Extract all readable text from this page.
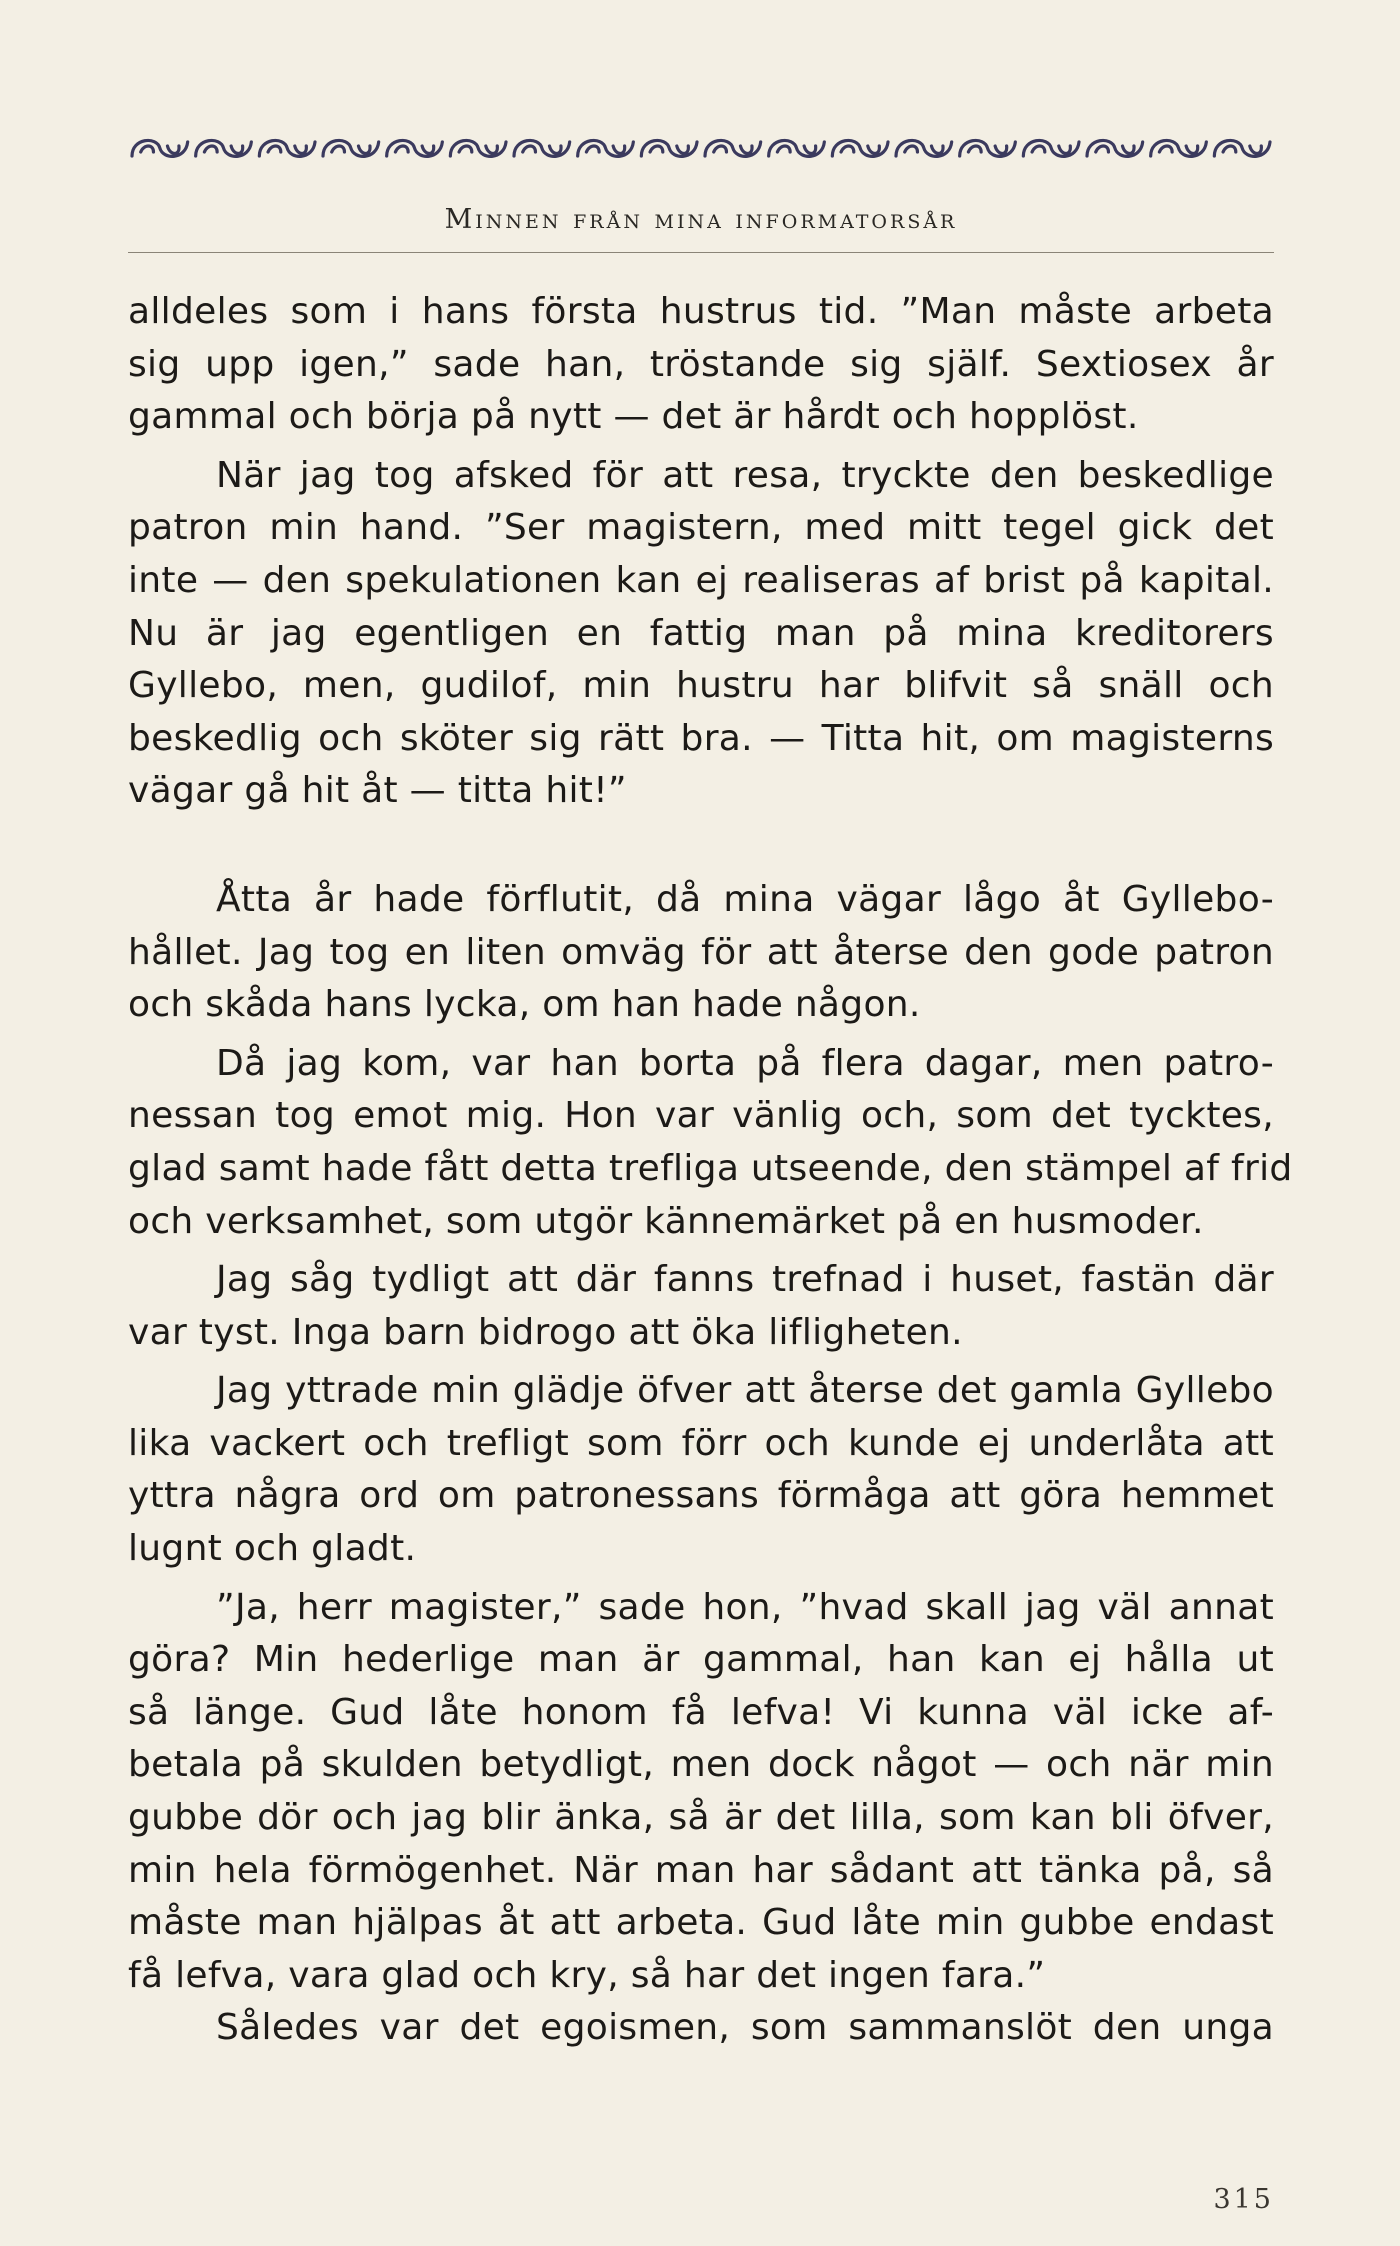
Minnen från mina informatorsår
alldeles som i hans första hustrus tid. ”Man måste arbeta
sig upp igen,” sade han, tröstande sig själf. Sextiosex år
gammal och börja på nytt — det är hårdt och hopplöst.
När jag tog afsked för att resa, tryckte den beskedlige
patron min hand. ”Ser magistern, med mitt tegel gick det
inte — den spekulationen kan ej realiseras af brist på kapital.
Nu är jag egentligen en fattig man på mina kreditorers
Gyllebo, men, gudilof, min hustru har blifvit så snäll och
beskedlig och sköter sig rätt bra. — Titta hit, om magisterns
vägar gå hit åt — titta hit!”
Åtta år hade förflutit, då mina vägar lågo åt Gyllebo-
hållet. Jag tog en liten omväg för att återse den gode patron
och skåda hans lycka, om han hade någon.
Då jag kom, var han borta på flera dagar, men patro-
nessan tog emot mig. Hon var vänlig och, som det tycktes,
glad samt hade fått detta trefliga utseende, den stämpel af frid
och verksamhet, som utgör kännemärket på en husmoder.
Jag såg tydligt att där fanns trefnad i huset, fastän där
var tyst. Inga barn bidrogo att öka lifligheten.
Jag yttrade min glädje öfver att återse det gamla Gyllebo
lika vackert och trefligt som förr och kunde ej underlåta att
yttra några ord om patronessans förmåga att göra hemmet
lugnt och gladt.
”Ja, herr magister,” sade hon, ”hvad skall jag väl annat
göra? Min hederlige man är gammal, han kan ej hålla ut
så länge. Gud låte honom få lefva! Vi kunna väl icke af-
betala på skulden betydligt, men dock något — och när min
gubbe dör och jag blir änka, så är det lilla, som kan bli öfver,
min hela förmögenhet. När man har sådant att tänka på, så
måste man hjälpas åt att arbeta. Gud låte min gubbe endast
få lefva, vara glad och kry, så har det ingen fara.”
Således var det egoismen, som sammanslöt den unga
315
